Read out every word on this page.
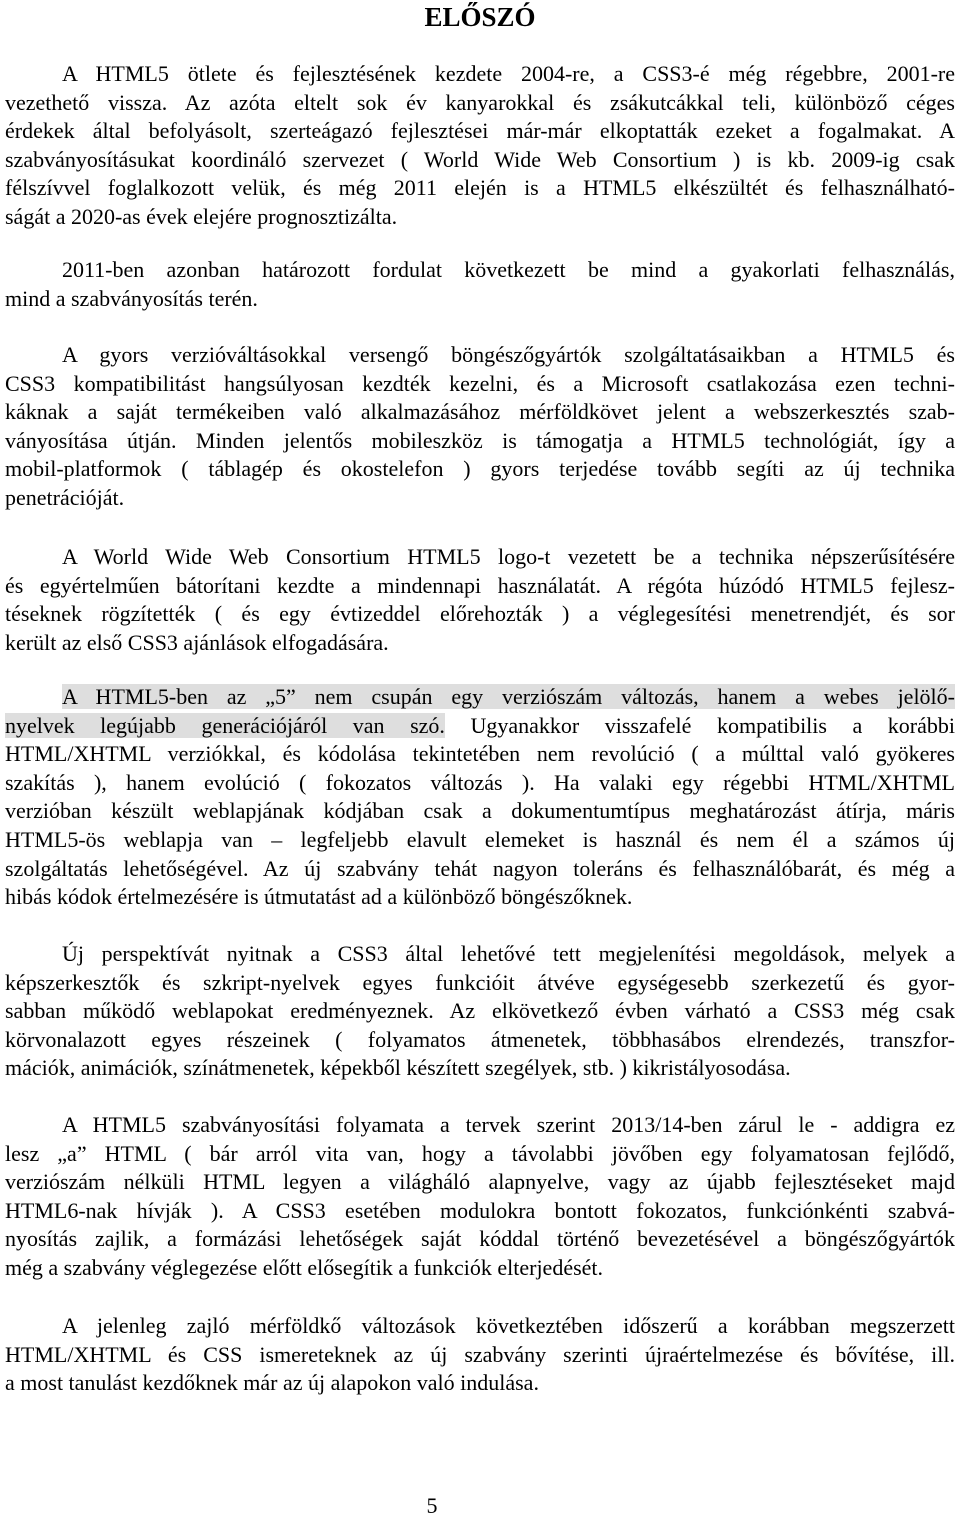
ELŐSZÓ
A HTML5 ötlete és fejlesztésének kezdete 2004-re, a CSS3-é még régebbre, 2001-re
vezethető vissza. Az azóta eltelt sok év kanyarokkal és zsákutcákkal teli, különböző céges
érdekek által befolyásolt, szerteágazó fejlesztései már-már elkoptatták ezeket a fogalmakat. A
szabványosításukat koordináló szervezet ( World Wide Web Consortium ) is kb. 2009-ig csak
félszívvel foglalkozott velük, és még 2011 elején is a HTML5 elkészültét és felhasználható-
ságát a 2020-as évek elejére prognosztizálta.
2011-ben azonban határozott fordulat következett be mind a gyakorlati felhasználás,
mind a szabványosítás terén.
A gyors verzióváltásokkal versengő böngészőgyártók szolgáltatásaikban a HTML5 és
CSS3 kompatibilitást hangsúlyosan kezdték kezelni, és a Microsoft csatlakozása ezen techni-
káknak a saját termékeiben való alkalmazásához mérföldkövet jelent a webszerkesztés szab-
ványosítása útján. Minden jelentős mobileszköz is támogatja a HTML5 technológiát, így a
mobil-platformok ( táblagép és okostelefon ) gyors terjedése tovább segíti az új technika
penetrációját.
A World Wide Web Consortium HTML5 logo-t vezetett be a technika népszerűsítésére
és egyértelműen bátorítani kezdte a mindennapi használatát. A régóta húzódó HTML5 fejlesz-
téseknek rögzítették ( és egy évtizeddel előrehozták ) a véglegesítési menetrendjét, és sor
került az első CSS3 ajánlások elfogadására.
A HTML5-ben az „5” nem csupán egy verziószám változás, hanem a webes jelölő-
nyelvek legújabb generációjáról van szó. Ugyanakkor visszafelé kompatibilis a korábbi
HTML/XHTML verziókkal, és kódolása tekintetében nem revolúció ( a múlttal való gyökeres
szakítás ), hanem evolúció ( fokozatos változás ). Ha valaki egy régebbi HTML/XHTML
verzióban készült weblapjának kódjában csak a dokumentumtípus meghatározást átírja, máris
HTML5-ös weblapja van – legfeljebb elavult elemeket is használ és nem él a számos új
szolgáltatás lehetőségével. Az új szabvány tehát nagyon toleráns és felhasználóbarát, és még a
hibás kódok értelmezésére is útmutatást ad a különböző böngészőknek.
Új perspektívát nyitnak a CSS3 által lehetővé tett megjelenítési megoldások, melyek a
képszerkesztők és szkript-nyelvek egyes funkcióit átvéve egységesebb szerkezetű és gyor-
sabban működő weblapokat eredményeznek. Az elkövetkező évben várható a CSS3 még csak
körvonalazott egyes részeinek ( folyamatos átmenetek, többhasábos elrendezés, transzfor-
mációk, animációk, színátmenetek, képekből készített szegélyek, stb. ) kikristályosodása.
A HTML5 szabványosítási folyamata a tervek szerint 2013/14-ben zárul le - addigra ez
lesz „a” HTML ( bár arról vita van, hogy a távolabbi jövőben egy folyamatosan fejlődő,
verziószám nélküli HTML legyen a világháló alapnyelve, vagy az újabb fejlesztéseket majd
HTML6-nak hívják ). A CSS3 esetében modulokra bontott fokozatos, funkciónkénti szabvá-
nyosítás zajlik, a formázási lehetőségek saját kóddal történő bevezetésével a böngészőgyártók
még a szabvány véglegezése előtt elősegítik a funkciók elterjedését.
A jelenleg zajló mérföldkő változások következtében időszerű a korábban megszerzett
HTML/XHTML és CSS ismereteknek az új szabvány szerinti újraértelmezése és bővítése, ill.
a most tanulást kezdőknek már az új alapokon való indulása.
5
